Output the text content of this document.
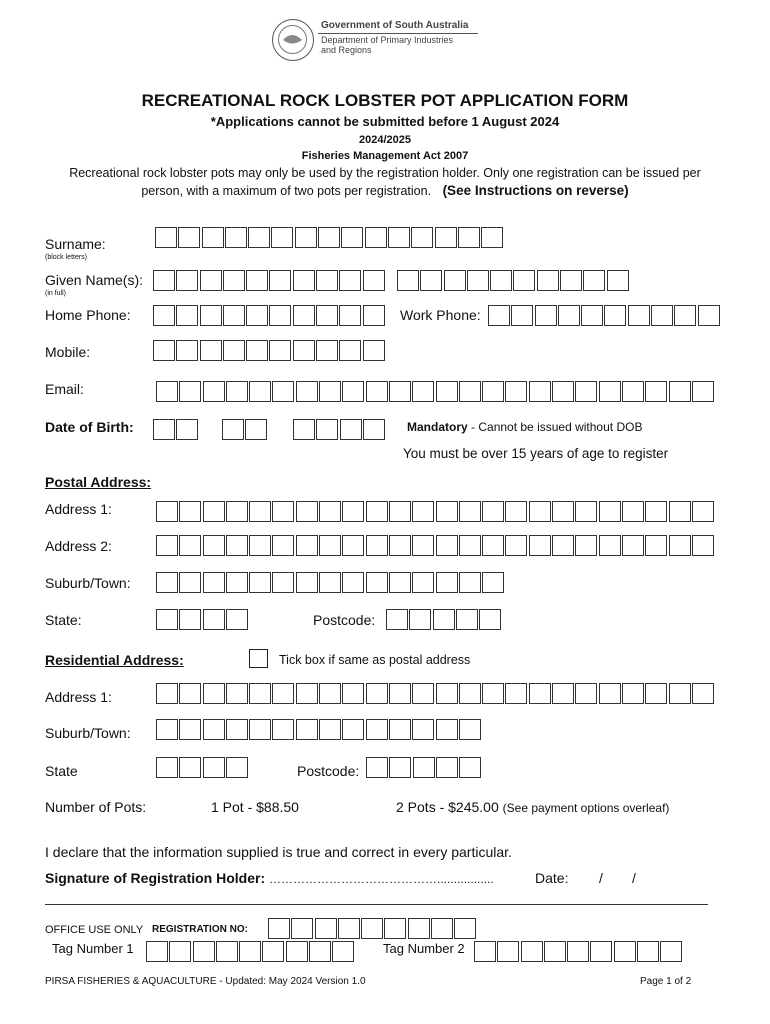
Government of South Australia
Department of Primary Industries
and Regions
RECREATIONAL ROCK LOBSTER POT APPLICATION FORM
*Applications cannot be submitted before 1 August 2024
2024/2025
Fisheries Management Act 2007
Recreational rock lobster pots may only be used by the registration holder. Only one registration can be issued per
person, with a maximum of two pots per registration. (See Instructions on reverse)
Surname:
(block letters)
Given Name(s):
(in full)
Home Phone:	Work Phone:
Mobile:
Email:
Date of Birth:	Mandatory - Cannot be issued without DOB
You must be over 15 years of age to register
Postal Address:
Address 1:
Address 2:
Suburb/Town:
State:	Postcode:
Residential Address:	Tick box if same as postal address
Address 1:
Suburb/Town:
State	Postcode:
Number of Pots:	1 Pot - $88.50	2 Pots - $245.00 (See payment options overleaf)
I declare that the information supplied is true and correct in every particular.
Signature of Registration Holder: …………………………………….................	Date: / /
OFFICE USE ONLY REGISTRATION NO:
Tag Number 1	Tag Number 2
PIRSA FISHERIES & AQUACULTURE - Updated: May 2024 Version 1.0	Page 1 of 2
